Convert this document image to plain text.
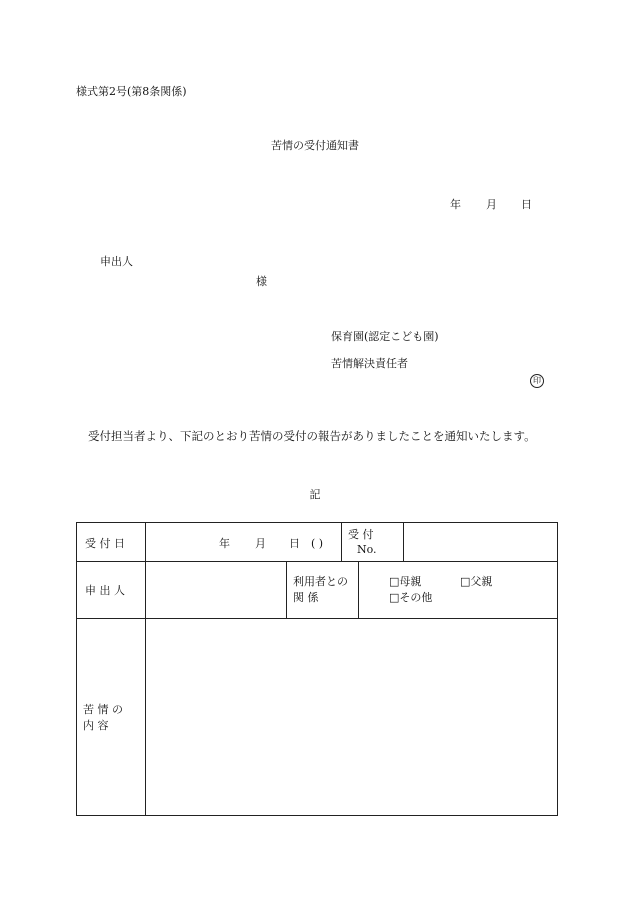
様式第2号(第8条関係)
苦情の受付通知書
年 月 日
申出人
様
保育園(認定こども園)
苦情解決責任者
印
受付担当者より、下記のとおり苦情の受付の報告がありましたことを通知いたします。
記
受 付 日	年 月 日 ( )
受 付
No.
申 出 人
利用者との
関 係
□母親	□父親
□その他
苦 情 の
内 容
